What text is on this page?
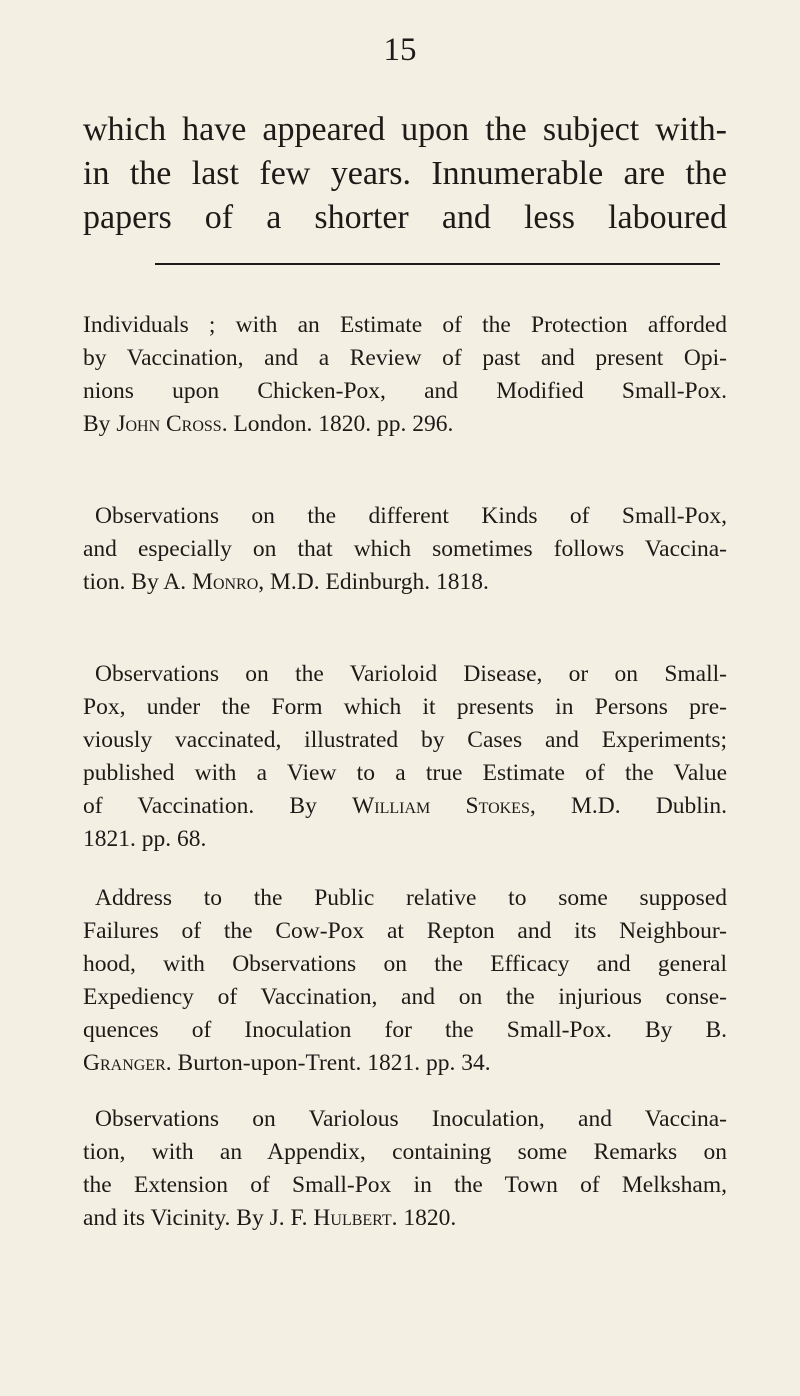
15
which have appeared upon the subject with-
in the last few years. Innumerable are the
papers of a shorter and less laboured
Individuals ; with an Estimate of the Protection afforded
by Vaccination, and a Review of past and present Opi-
nions upon Chicken-Pox, and Modified Small-Pox.
By John Cross. London. 1820. pp. 296.
Observations on the different Kinds of Small-Pox,
and especially on that which sometimes follows Vaccina-
tion. By A. Monro, M.D. Edinburgh. 1818.
Observations on the Varioloid Disease, or on Small-
Pox, under the Form which it presents in Persons pre-
viously vaccinated, illustrated by Cases and Experiments;
published with a View to a true Estimate of the Value
of Vaccination. By William Stokes, M.D. Dublin.
1821. pp. 68.
Address to the Public relative to some supposed
Failures of the Cow-Pox at Repton and its Neighbour-
hood, with Observations on the Efficacy and general
Expediency of Vaccination, and on the injurious conse-
quences of Inoculation for the Small-Pox. By B.
Granger. Burton-upon-Trent. 1821. pp. 34.
Observations on Variolous Inoculation, and Vaccina-
tion, with an Appendix, containing some Remarks on
the Extension of Small-Pox in the Town of Melksham,
and its Vicinity. By J. F. Hulbert. 1820.
